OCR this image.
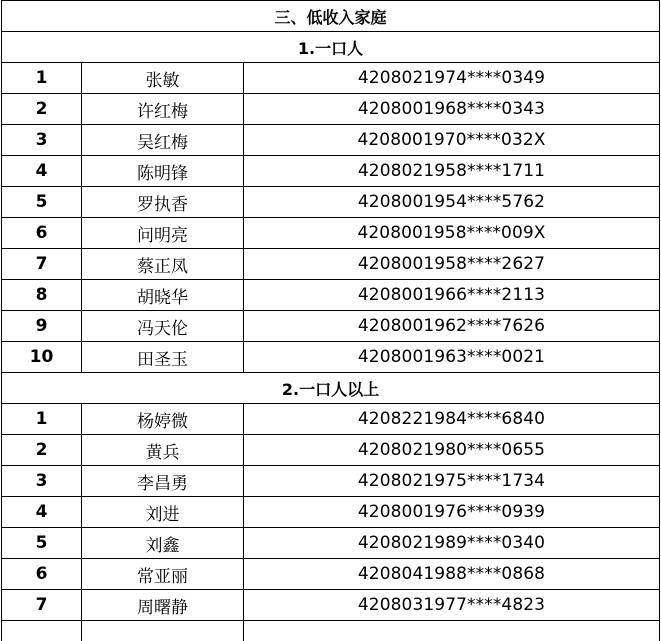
三、低收入家庭		
1.一口人		
1	张敏	4208021974****0349
2	许红梅	4208001968****0343
3	吴红梅	4208001970****032X
4	陈明锋	4208021958****1711
5	罗执香	4208001954****5762
6	问明亮	4208001958****009X
7	蔡正凤	4208001958****2627
8	胡晓华	4208001966****2113
9	冯天伦	4208001962****7626
10	田圣玉	4208001963****0021
2.一口人以上		
1	杨婷微	4208221984****6840
2	黄兵	4208021980****0655
3	李昌勇	4208021975****1734
4	刘进	4208001976****0939
5	刘鑫	4208021989****0340
6	常亚丽	4208041988****0868
7	周曙静	4208031977****4823
